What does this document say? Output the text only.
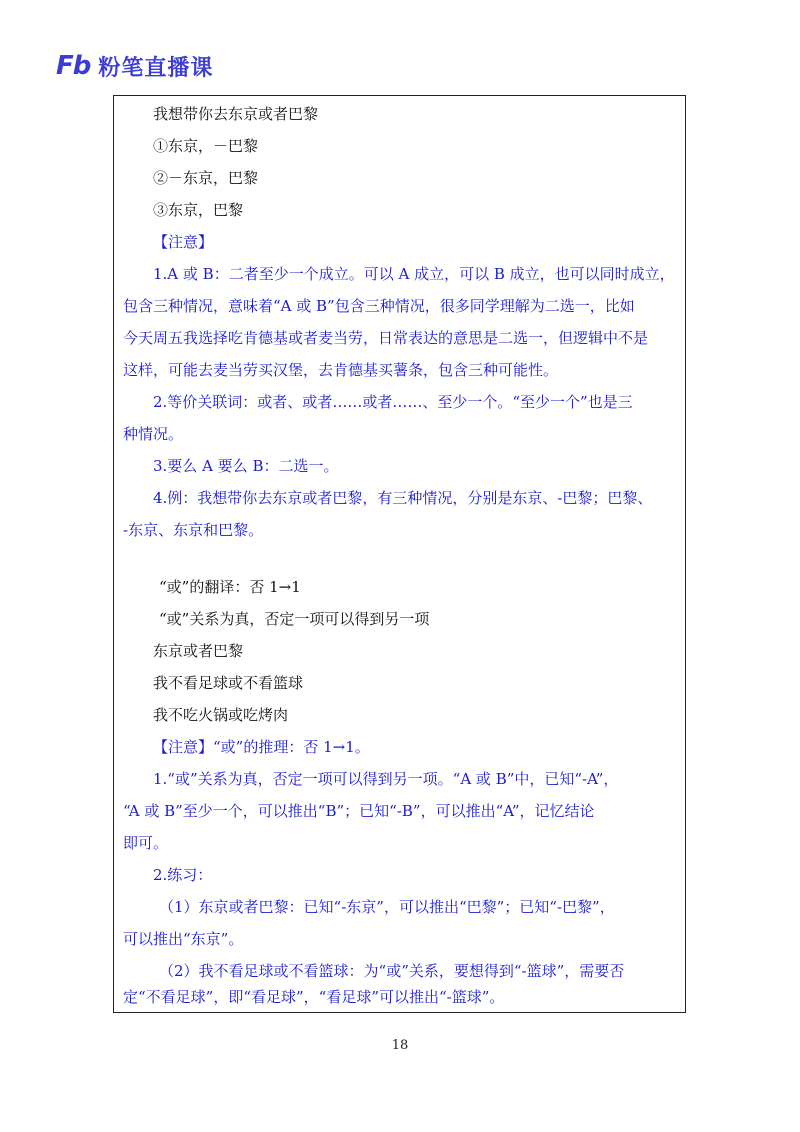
Fb 粉笔直播课
我想带你去东京或者巴黎
①东京，－巴黎
②－东京，巴黎
③东京，巴黎
【注意】
1.A 或 B：二者至少一个成立。可以 A 成立，可以 B 成立，也可以同时成立，
包含三种情况，意味着“A 或 B”包含三种情况，很多同学理解为二选一，比如
今天周五我选择吃肯德基或者麦当劳，日常表达的意思是二选一，但逻辑中不是
这样，可能去麦当劳买汉堡，去肯德基买薯条，包含三种可能性。
2.等价关联词：或者、或者……或者……、至少一个。“至少一个”也是三
种情况。
3.要么 A 要么 B：二选一。
4.例：我想带你去东京或者巴黎，有三种情况，分别是东京、-巴黎；巴黎、
-东京、东京和巴黎。
“或”的翻译：否 1→1
“或”关系为真，否定一项可以得到另一项
东京或者巴黎
我不看足球或不看篮球
我不吃火锅或吃烤肉
【注意】“或”的推理：否 1→1。
1.“或”关系为真，否定一项可以得到另一项。“A 或 B”中，已知“-A”，
“A 或 B”至少一个，可以推出“B”；已知“-B”，可以推出“A”，记忆结论
即可。
2.练习：
（1）东京或者巴黎：已知“-东京”，可以推出“巴黎”；已知“-巴黎”，
可以推出“东京”。
（2）我不看足球或不看篮球：为“或”关系，要想得到“-篮球”，需要否
定“不看足球”，即“看足球”，“看足球”可以推出“-篮球”。
18
